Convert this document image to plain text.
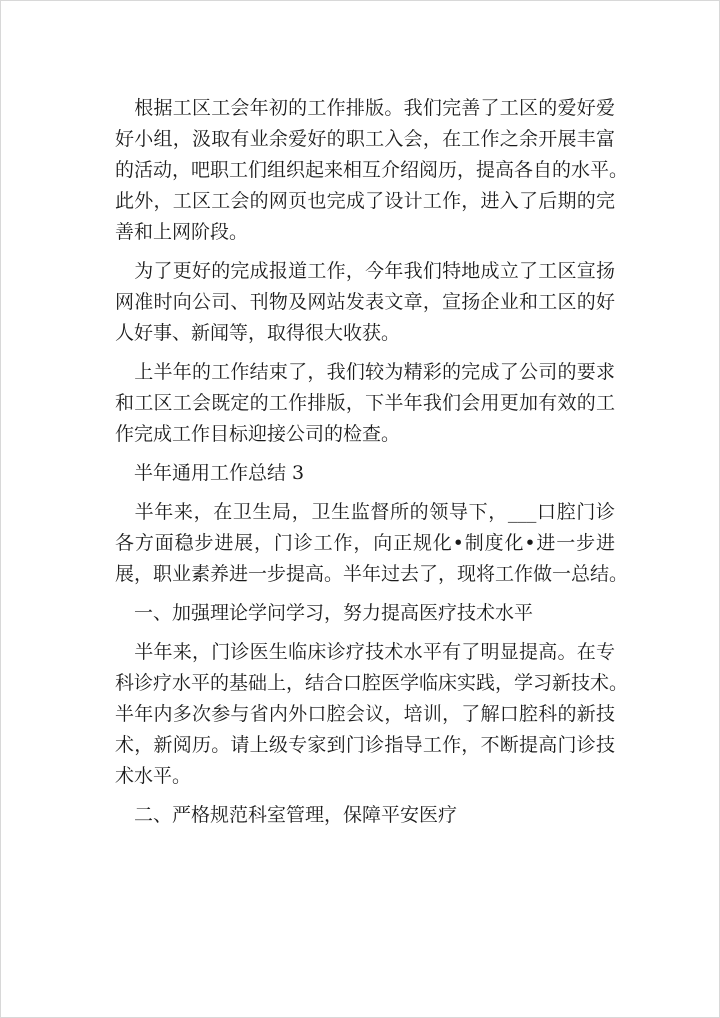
　根据工区工会年初的工作排版。我们完善了工区的爱好爱
好小组，汲取有业余爱好的职工入会，在工作之余开展丰富
的活动，吧职工们组织起来相互介绍阅历，提高各自的水平。
此外，工区工会的网页也完成了设计工作，进入了后期的完
善和上网阶段。
　为了更好的完成报道工作，今年我们特地成立了工区宣扬
网准时向公司、刊物及网站发表文章，宣扬企业和工区的好
人好事、新闻等，取得很大收获。
　上半年的工作结束了，我们较为精彩的完成了公司的要求
和工区工会既定的工作排版，下半年我们会用更加有效的工
作完成工作目标迎接公司的检查。
　半年通用工作总结 3
　半年来，在卫生局，卫生监督所的领导下，___口腔门诊
各方面稳步进展，门诊工作，向正规化•制度化•进一步进
展，职业素养进一步提高。半年过去了，现将工作做一总结。
　一、加强理论学问学习，努力提高医疗技术水平
　半年来，门诊医生临床诊疗技术水平有了明显提高。在专
科诊疗水平的基础上，结合口腔医学临床实践，学习新技术。
半年内多次参与省内外口腔会议，培训，了解口腔科的新技
术，新阅历。请上级专家到门诊指导工作，不断提高门诊技
术水平。
　二、严格规范科室管理，保障平安医疗
